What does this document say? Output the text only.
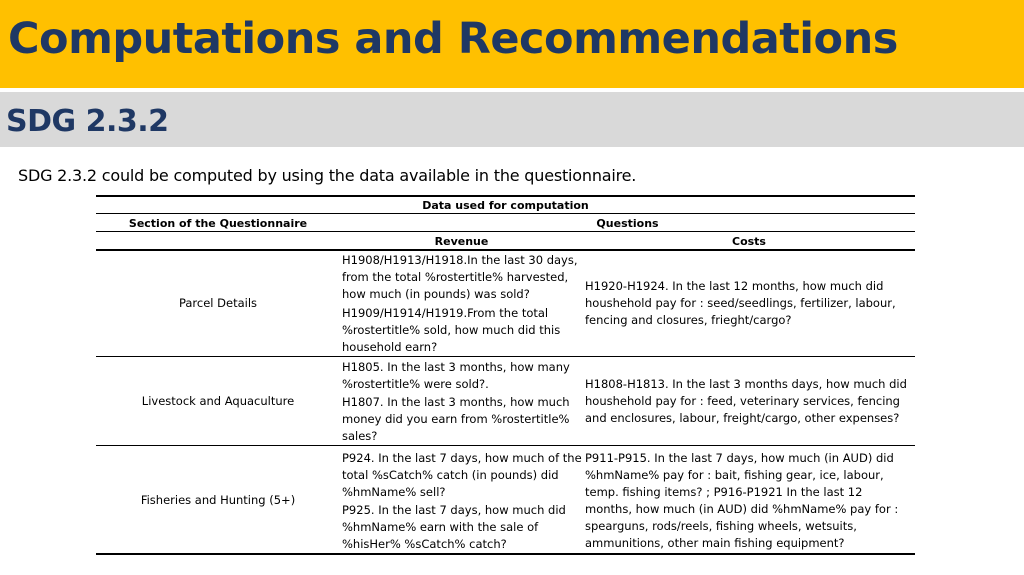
Computations and Recommendations
SDG 2.3.2
SDG 2.3.2 could be computed by using the data available in the questionnaire.
Data used for computation
Section of the Questionnaire	Questions
Revenue	Costs
Parcel Details
H1908/H1913/H1918.In the last 30 days,
from the total %rostertitle% harvested,
how much (in pounds) was sold?
H1909/H1914/H1919.From the total
%rostertitle% sold, how much did this
household earn?
H1920-H1924. In the last 12 months, how much did
houshehold pay for : seed/seedlings, fertilizer, labour,
fencing and closures, frieght/cargo?
Livestock and Aquaculture
H1805. In the last 3 months, how many
%rostertitle% were sold?.
H1807. In the last 3 months, how much
money did you earn from %rostertitle%
sales?
H1808-H1813. In the last 3 months days, how much did
houshehold pay for : feed, veterinary services, fencing
and enclosures, labour, freight/cargo, other expenses?
Fisheries and Hunting (5+)
P924. In the last 7 days, how much of the
total %sCatch% catch (in pounds) did
%hmName% sell?
P925. In the last 7 days, how much did
%hmName% earn with the sale of
%hisHer% %sCatch% catch?
P911-P915. In the last 7 days, how much (in AUD) did
%hmName% pay for : bait, fishing gear, ice, labour,
temp. fishing items? ; P916-P1921 In the last 12
months, how much (in AUD) did %hmName% pay for :
spearguns, rods/reels, fishing wheels, wetsuits,
ammunitions, other main fishing equipment?
